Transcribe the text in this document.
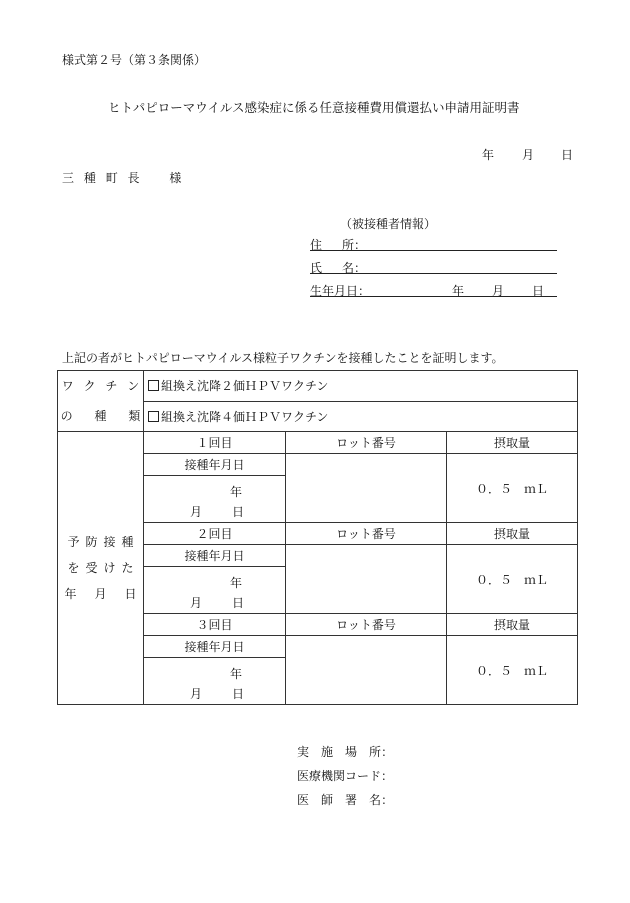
様式第２号（第３条関係）
ヒトパピローマウイルス感染症に係る任意接種費用償還払い申請用証明書
年 月 日
三 種 町 長 様
（被接種者情報）
住 所：
氏 名：
生年月日：	年 月 日
上記の者がヒトパピローマウイルス様粒子ワクチンを接種したことを証明します。
ワ ク チ ン
の 種 類	組換え沈降２価ＨＰＶワクチン		
	組換え沈降４価ＨＰＶワクチン		

予 防 接 種
を 受 け た
年 月 日	１回目	ロット番号	摂取量
	接種年月日		０．５　ｍＬ

	年
月 日		

	２回目	ロット番号	摂取量
	接種年月日		０．５　ｍＬ

	年
月 日		

	３回目	ロット番号	摂取量
	接種年月日		０．５　ｍＬ

	年
月 日		
実 施 場 所：
医療機関コード：
医 師 署 名：
